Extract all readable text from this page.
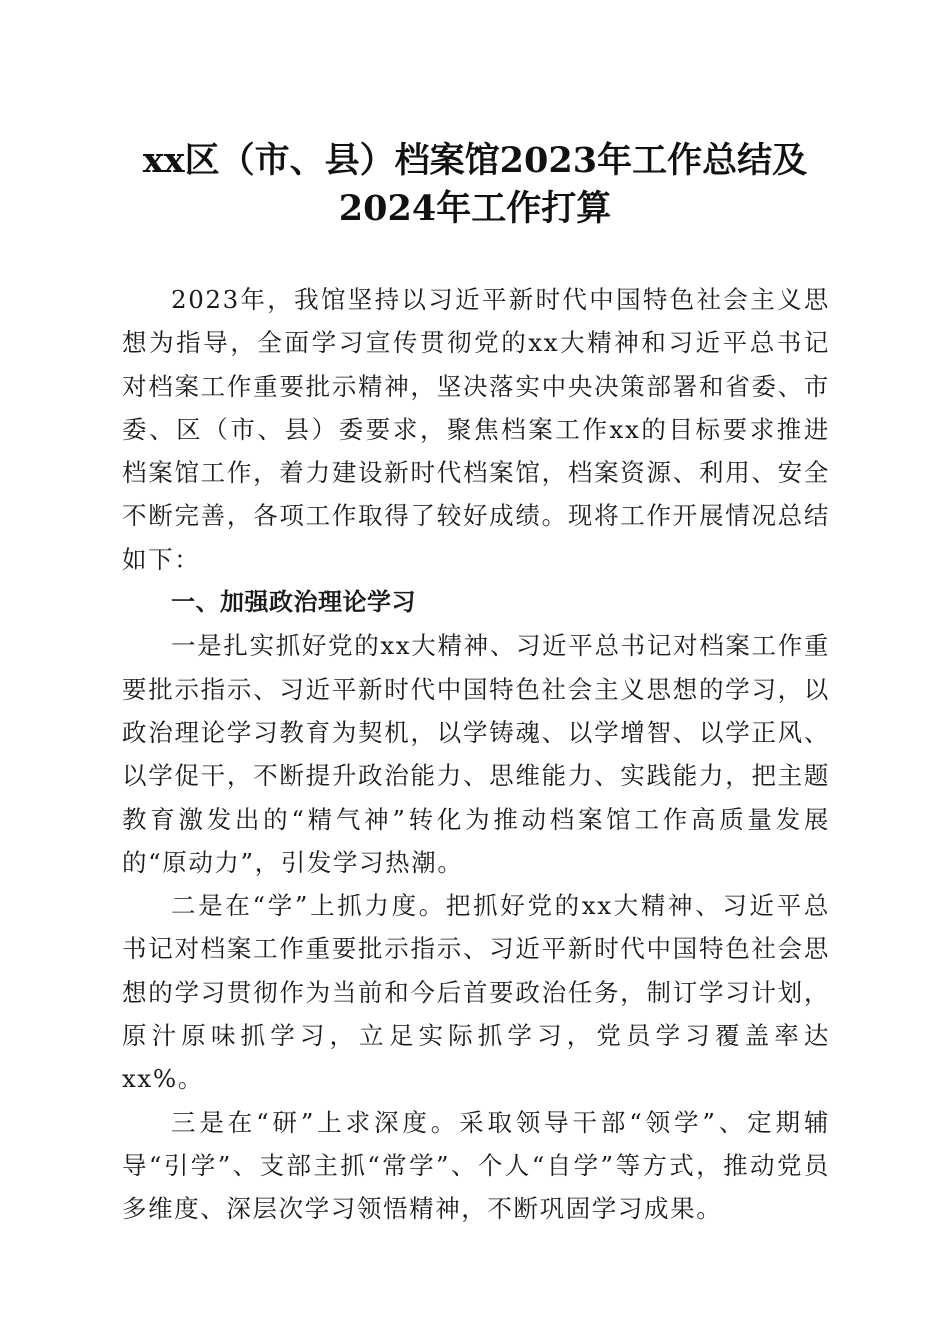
xx区（市、县）档案馆2023年工作总结及
2024年工作打算

2023年，我馆坚持以习近平新时代中国特色社会主义思想为指导，全面学习宣传贯彻党的xx大精神和习近平总书记对档案工作重要批示精神，坚决落实中央决策部署和省委、市委、区（市、县）委要求，聚焦档案工作xx的目标要求推进档案馆工作，着力建设新时代档案馆，档案资源、利用、安全不断完善，各项工作取得了较好成绩。现将工作开展情况总结如下：

一、加强政治理论学习

一是扎实抓好党的xx大精神、习近平总书记对档案工作重要批示指示、习近平新时代中国特色社会主义思想的学习，以政治理论学习教育为契机，以学铸魂、以学增智、以学正风、以学促干，不断提升政治能力、思维能力、实践能力，把主题教育激发出的“精气神”转化为推动档案馆工作高质量发展的“原动力”，引发学习热潮。

二是在“学”上抓力度。把抓好党的xx大精神、习近平总书记对档案工作重要批示指示、习近平新时代中国特色社会思想的学习贯彻作为当前和今后首要政治任务，制订学习计划，原汁原味抓学习，立足实际抓学习，党员学习覆盖率达xx%。

三是在“研”上求深度。采取领导干部“领学”、定期辅导“引学”、支部主抓“常学”、个人“自学”等方式，推动党员多维度、深层次学习领悟精神，不断巩固学习成果。
